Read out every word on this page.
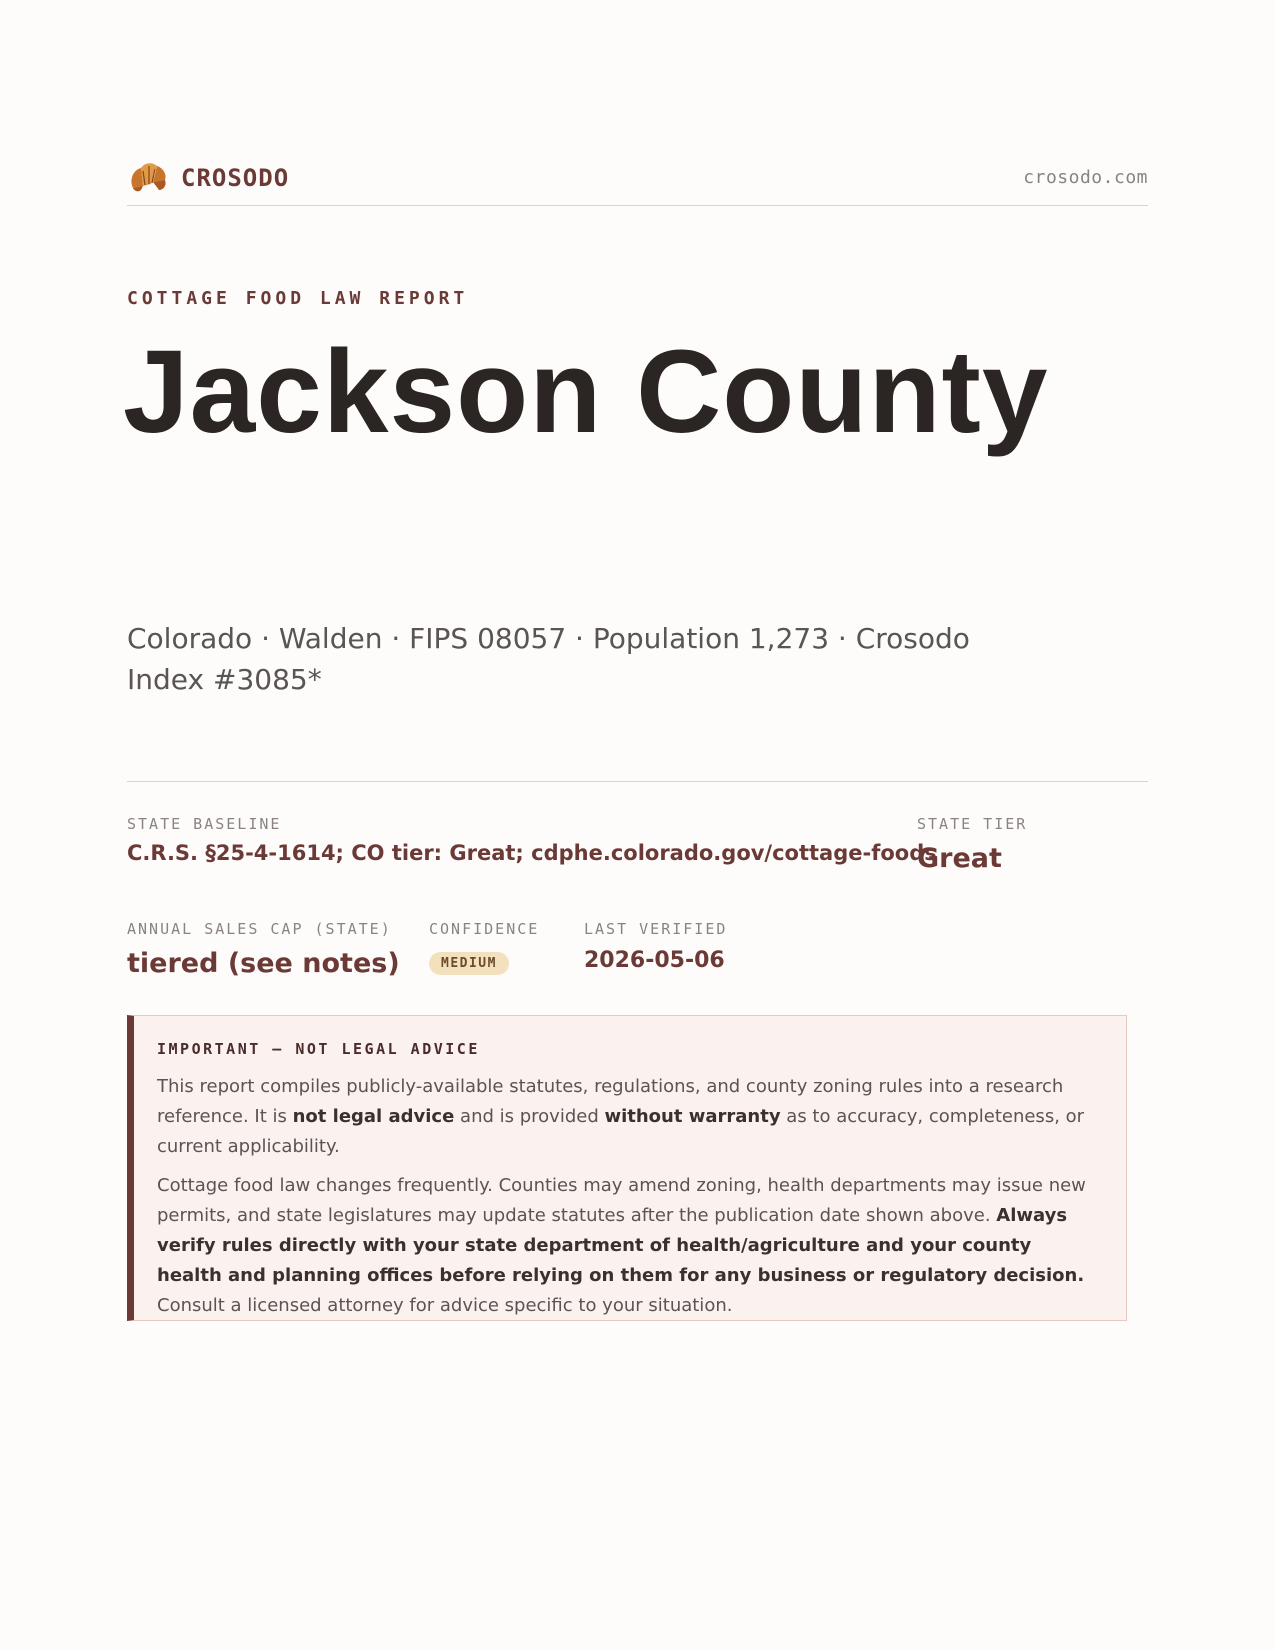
CROSODO	crosodo.com
COTTAGE FOOD LAW REPORT
Jackson County
Colorado · Walden · FIPS 08057 · Population 1,273 · Crosodo Index #3085*
STATE BASELINE
C.R.S. §25-4-1614; CO tier: Great; cdphe.colorado.gov/cottage-foods
STATE TIER
Great
ANNUAL SALES CAP (STATE)
tiered (see notes)
CONFIDENCE
MEDIUM
LAST VERIFIED
2026-05-06
IMPORTANT — NOT LEGAL ADVICE

This report compiles publicly-available statutes, regulations, and county zoning rules into a research reference. It is not legal advice and is provided without warranty as to accuracy, completeness, or current applicability.

Cottage food law changes frequently. Counties may amend zoning, health departments may issue new permits, and state legislatures may update statutes after the publication date shown above. Always verify rules directly with your state department of health/agriculture and your county health and planning offices before relying on them for any business or regulatory decision. Consult a licensed attorney for advice specific to your situation.
